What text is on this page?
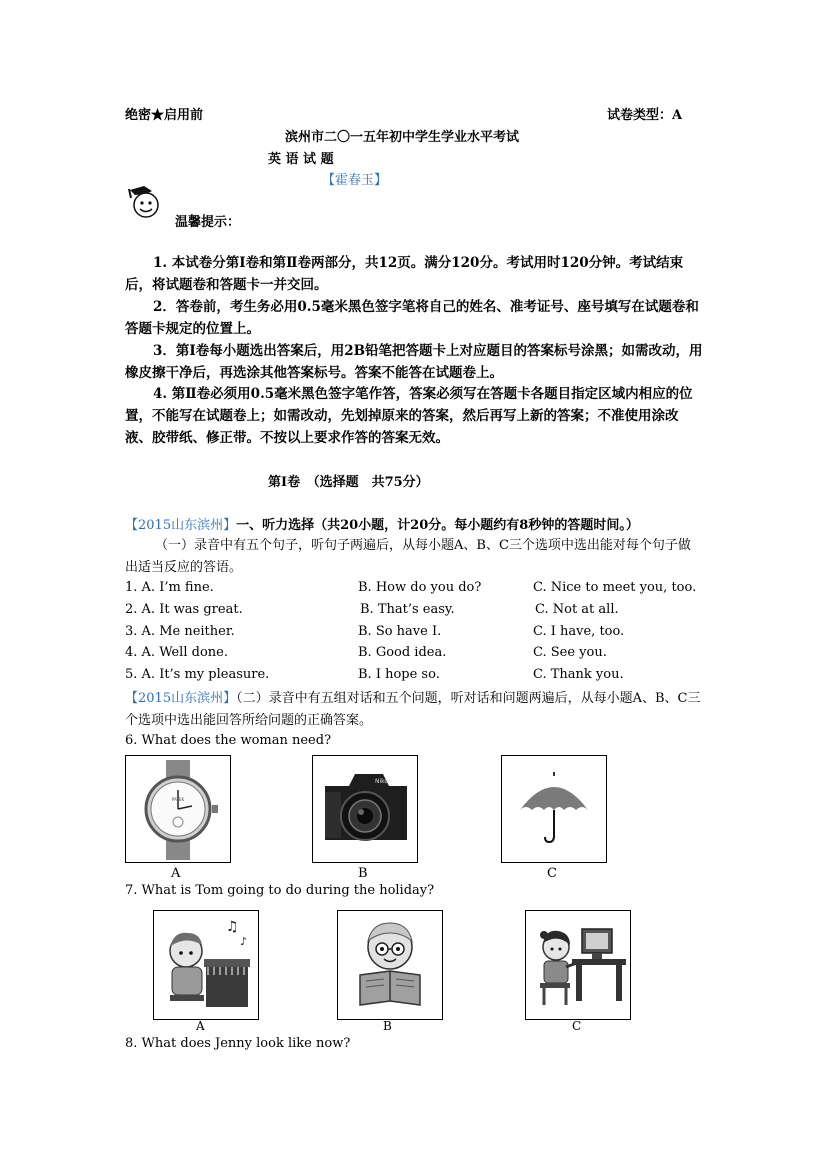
绝密★启用前	试卷类型：A
滨州市二〇一五年初中学生学业水平考试
英 语 试 题
【霍春玉】
温馨提示：
1. 本试卷分第Ⅰ卷和第Ⅱ卷两部分，共12页。满分120分。考试用时120分钟。考试结束后，将试题卷和答题卡一并交回。
2．答卷前，考生务必用0.5毫米黑色签字笔将自己的姓名、准考证号、座号填写在试题卷和答题卡规定的位置上。
3．第Ⅰ卷每小题选出答案后，用2B铅笔把答题卡上对应题目的答案标号涂黑；如需改动，用橡皮擦干净后，再选涂其他答案标号。答案不能答在试题卷上。
4. 第Ⅱ卷必须用0.5毫米黑色签字笔作答，答案必须写在答题卡各题目指定区域内相应的位置，不能写在试题卷上；如需改动，先划掉原来的答案，然后再写上新的答案；不准使用涂改液、胶带纸、修正带。不按以上要求作答的答案无效。
第Ⅰ卷　（选择题　共75分）
【2015山东滨州】一、听力选择（共20小题，计20分。每小题约有8秒钟的答题时间。）
（一）录音中有五个句子，听句子两遍后，从每小题A、B、C三个选项中选出能对每个句子做出适当反应的答语。
1. A. I’m fine.	B. How do you do?	C. Nice to meet you, too.
2. A. It was great.	B. That’s easy.	C. Not at all.
3. A. Me neither.	B. So have I.	C. I have, too.
4. A. Well done.	B. Good idea.	C. See you.
5. A. It’s my pleasure.	B. I hope so.	C. Thank you.
【2015山东滨州】（二）录音中有五组对话和五个问题，听对话和问题两遍后，从每小题A、B、C三个选项中选出能回答所给问题的正确答案。
6. What does the woman need?
PATEK
Nikon
A	B	C
7. What is Tom going to do during the holiday?
♫
♪
A	B	C
8. What does Jenny look like now?
